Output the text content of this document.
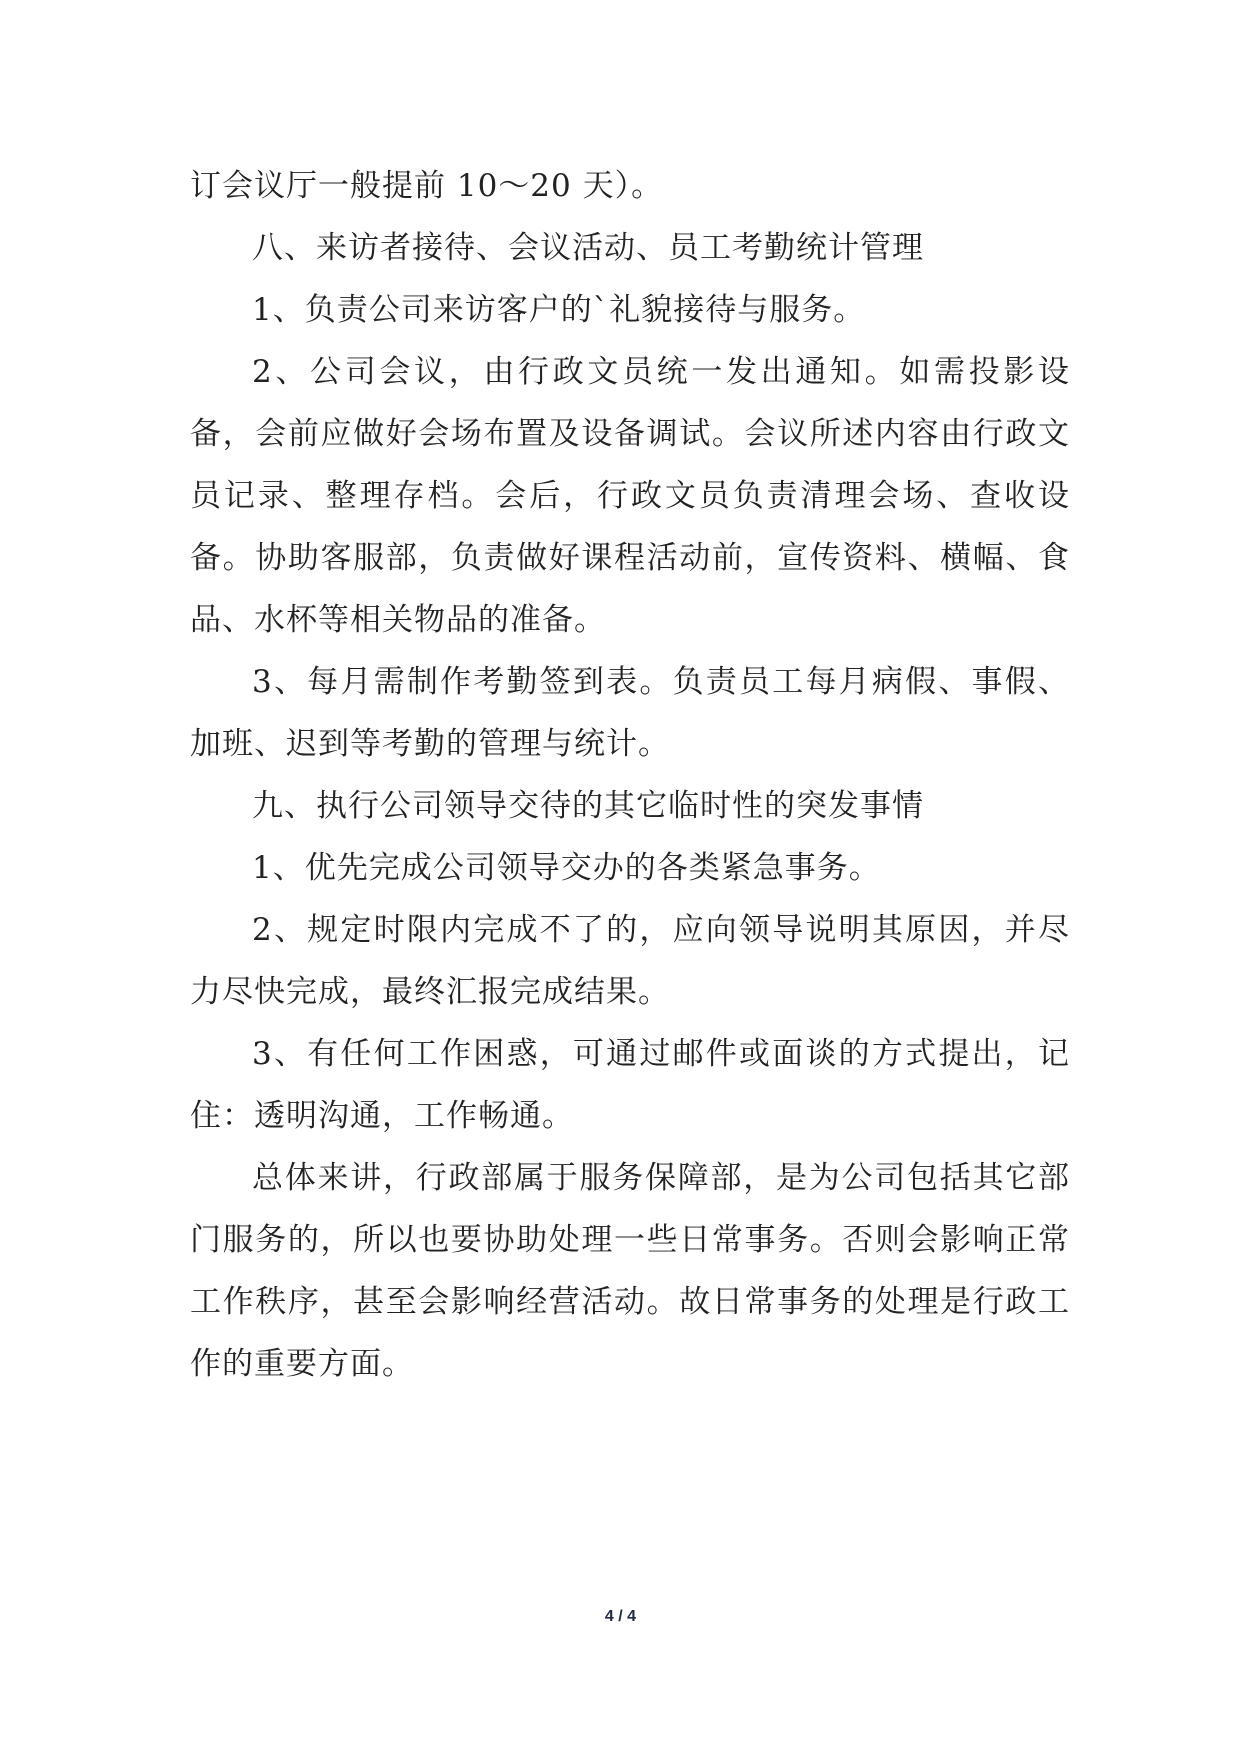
订会议厅一般提前 10～20 天）。

八、来访者接待、会议活动、员工考勤统计管理

1、负责公司来访客户的`礼貌接待与服务。

2、公司会议，由行政文员统一发出通知。如需投影设备，会前应做好会场布置及设备调试。会议所述内容由行政文员记录、整理存档。会后，行政文员负责清理会场、查收设备。协助客服部，负责做好课程活动前，宣传资料、横幅、食品、水杯等相关物品的准备。

3、每月需制作考勤签到表。负责员工每月病假、事假、加班、迟到等考勤的管理与统计。

九、执行公司领导交待的其它临时性的突发事情

1、优先完成公司领导交办的各类紧急事务。

2、规定时限内完成不了的，应向领导说明其原因，并尽力尽快完成，最终汇报完成结果。

3、有任何工作困惑，可通过邮件或面谈的方式提出，记住：透明沟通，工作畅通。

总体来讲，行政部属于服务保障部，是为公司包括其它部门服务的，所以也要协助处理一些日常事务。否则会影响正常工作秩序，甚至会影响经营活动。故日常事务的处理是行政工作的重要方面。

4 / 4
